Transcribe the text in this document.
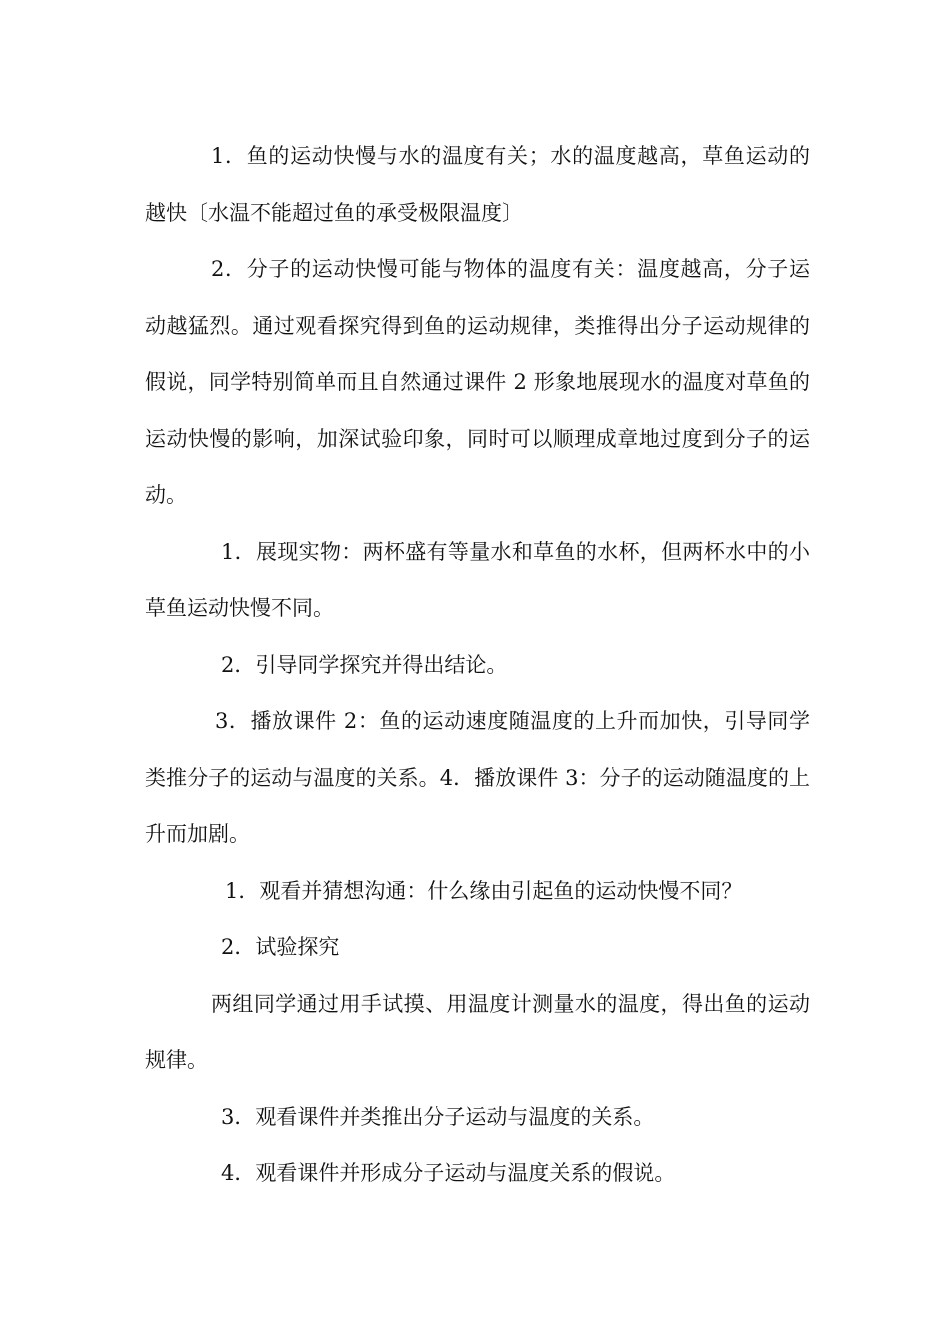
1．鱼的运动快慢与水的温度有关；水的温度越高，草鱼运动的越快〔水温不能超过鱼的承受极限温度〕

2．分子的运动快慢可能与物体的温度有关：温度越高，分子运动越猛烈。通过观看探究得到鱼的运动规律，类推得出分子运动规律的假说，同学特别简单而且自然通过课件 2 形象地展现水的温度对草鱼的运动快慢的影响，加深试验印象，同时可以顺理成章地过度到分子的运动。

1．展现实物：两杯盛有等量水和草鱼的水杯，但两杯水中的小草鱼运动快慢不同。

2．引导同学探究并得出结论。

3．播放课件 2：鱼的运动速度随温度的上升而加快，引导同学类推分子的运动与温度的关系。4．播放课件 3：分子的运动随温度的上升而加剧。

1．观看并猜想沟通：什么缘由引起鱼的运动快慢不同？

2．试验探究

两组同学通过用手试摸、用温度计测量水的温度，得出鱼的运动规律。

3．观看课件并类推出分子运动与温度的关系。

4．观看课件并形成分子运动与温度关系的假说。
